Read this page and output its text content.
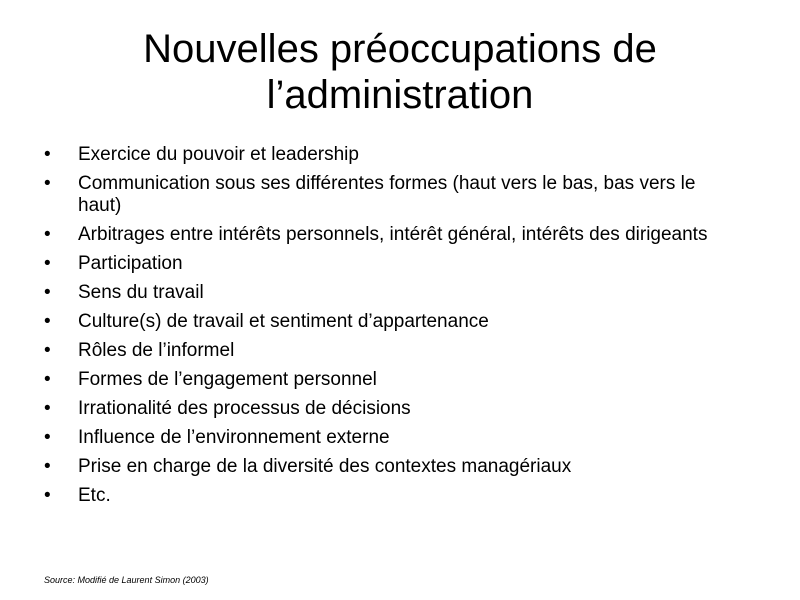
Nouvelles préoccupations de
l’administration
• Exercice du pouvoir et leadership
• Communication sous ses différentes formes (haut vers le bas, bas vers le haut)
• Arbitrages entre intérêts personnels, intérêt général, intérêts des dirigeants
• Participation
• Sens du travail
• Culture(s) de travail et sentiment d’appartenance
• Rôles de l’informel
• Formes de l’engagement personnel
• Irrationalité des processus de décisions
• Influence de l’environnement externe
• Prise en charge de la diversité des contextes managériaux
• Etc.
Source: Modifié de Laurent Simon (2003)
